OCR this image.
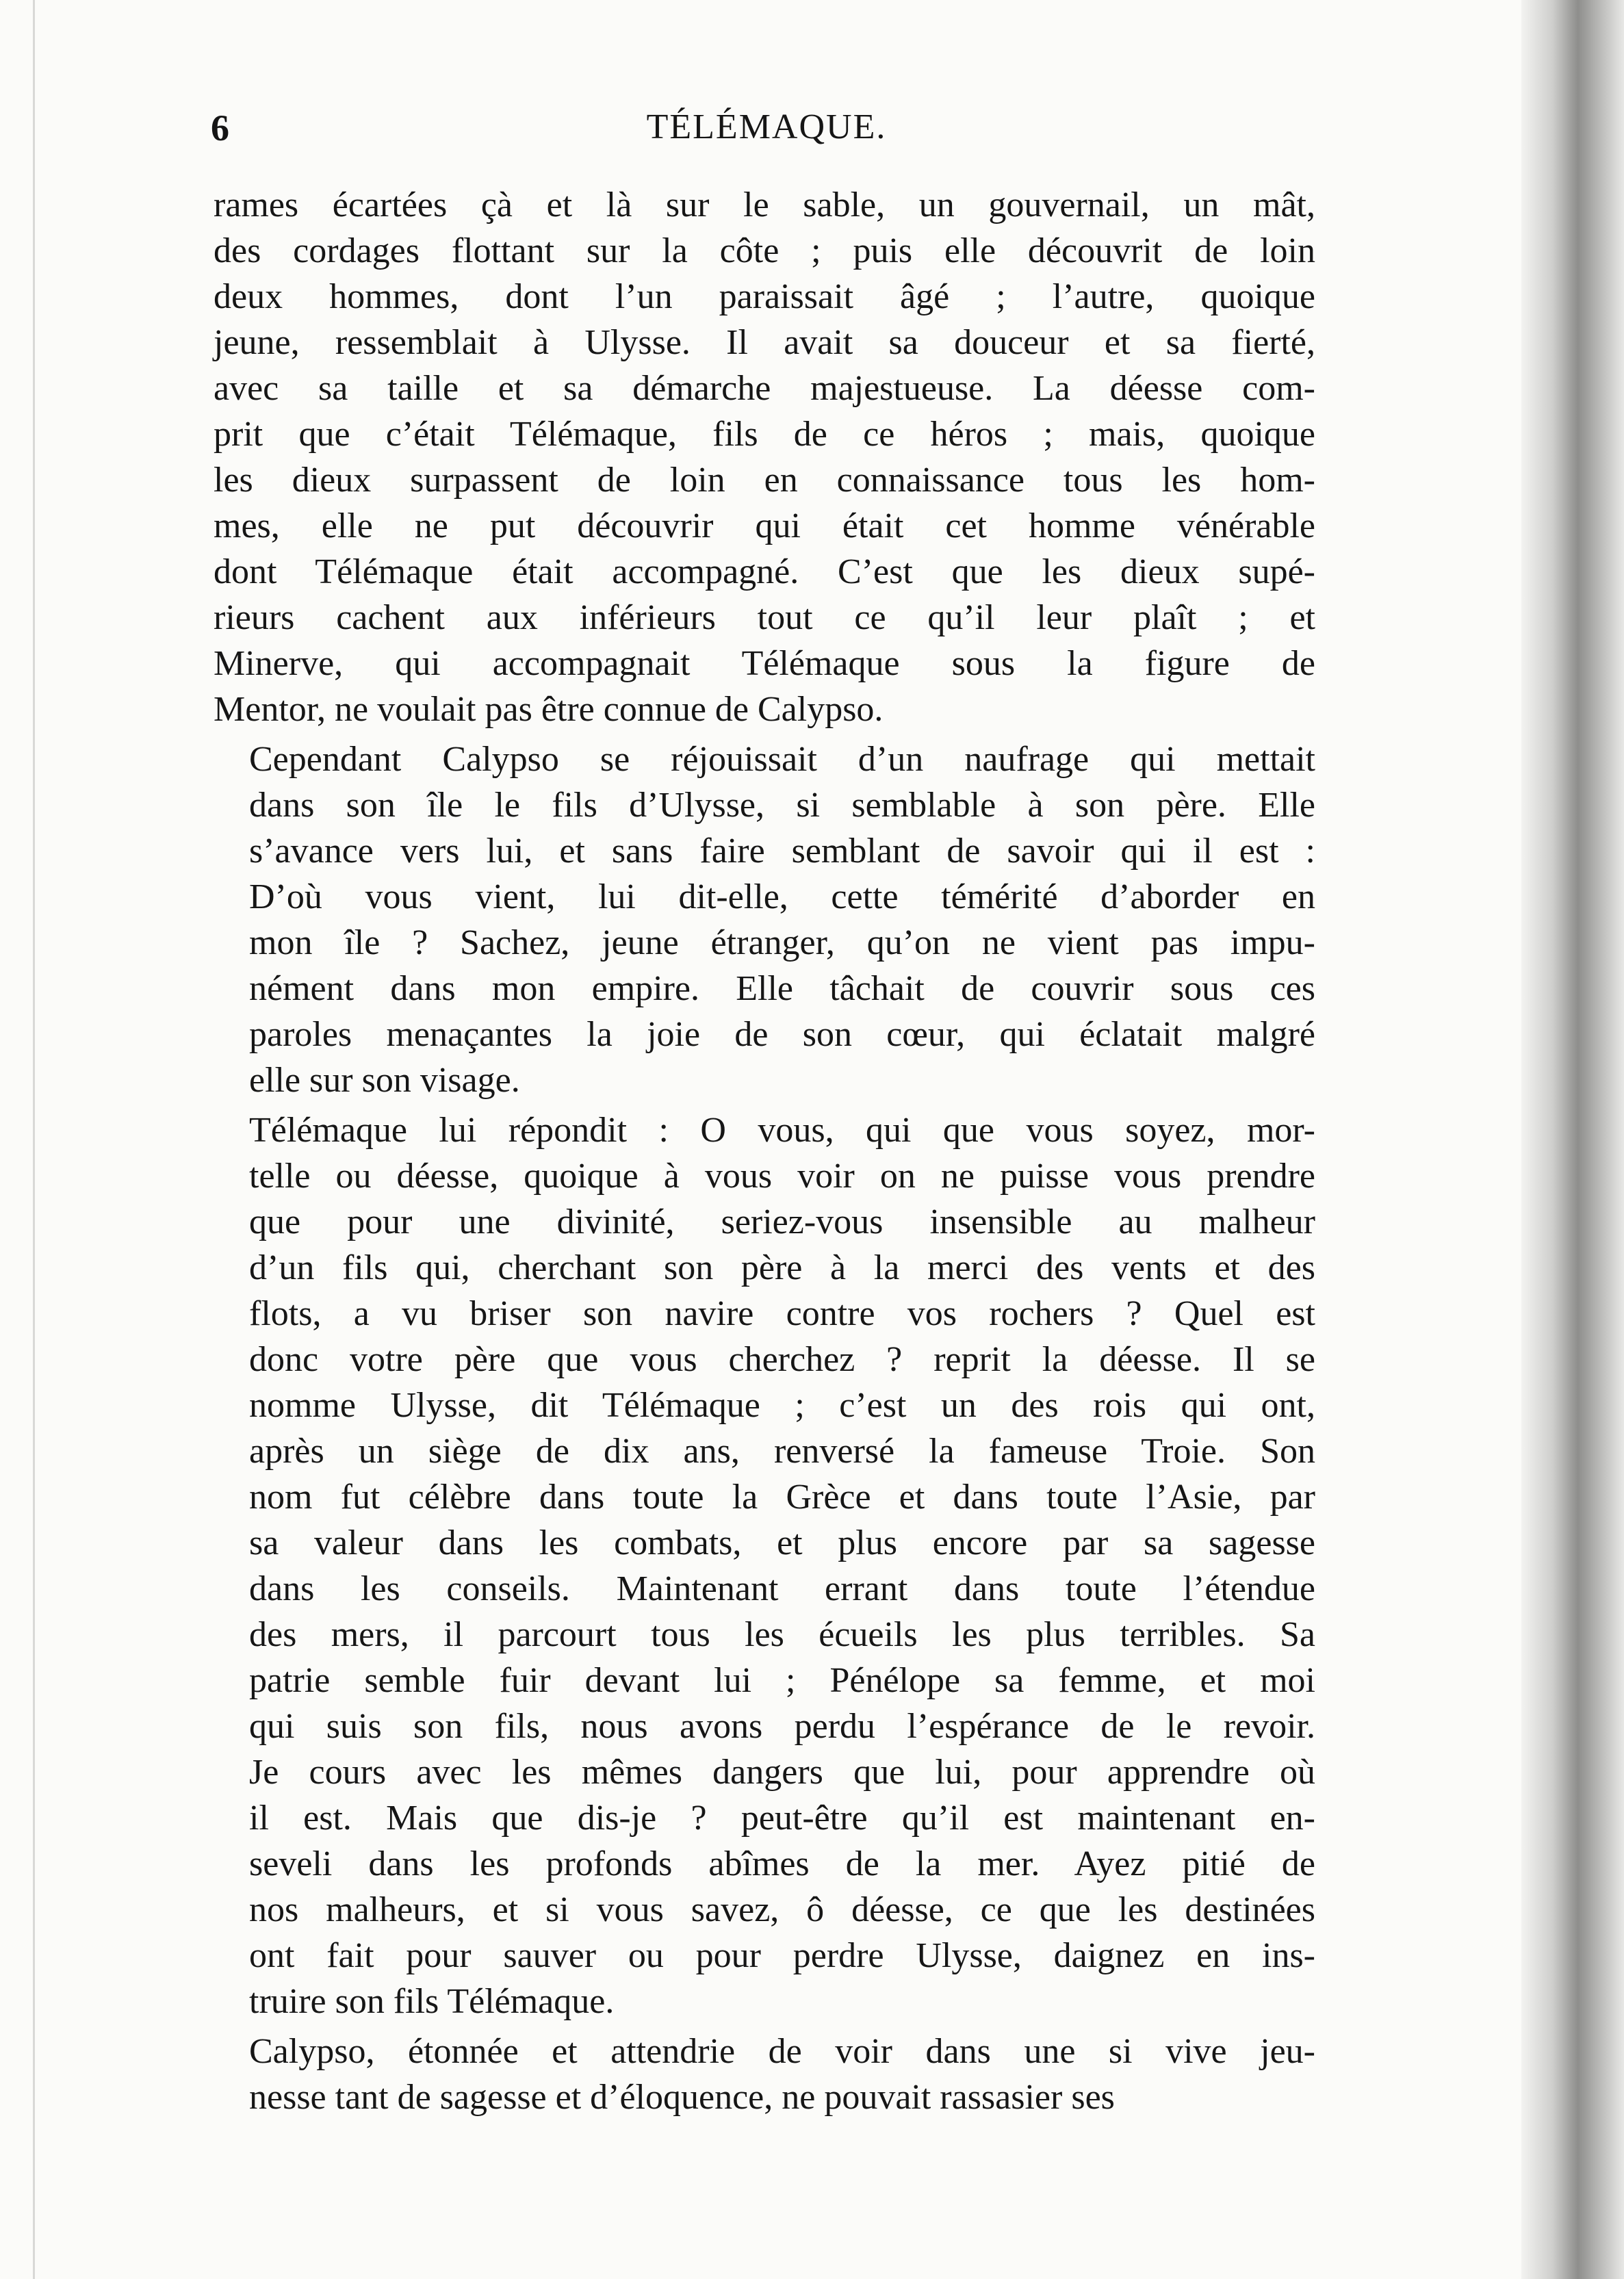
6	TÉLÉMAQUE.

rames écartées çà et là sur le sable, un gouvernail, un mât,
des cordages flottant sur la côte ; puis elle découvrit de loin
deux hommes, dont l’un paraissait âgé ; l’autre, quoique
jeune, ressemblait à Ulysse. Il avait sa douceur et sa fierté,
avec sa taille et sa démarche majestueuse. La déesse com-
prit que c’était Télémaque, fils de ce héros ; mais, quoique
les dieux surpassent de loin en connaissance tous les hom-
mes, elle ne put découvrir qui était cet homme vénérable
dont Télémaque était accompagné. C’est que les dieux supé-
rieurs cachent aux inférieurs tout ce qu’il leur plaît ; et
Minerve, qui accompagnait Télémaque sous la figure de
Mentor, ne voulait pas être connue de Calypso.

Cependant Calypso se réjouissait d’un naufrage qui mettait
dans son île le fils d’Ulysse, si semblable à son père. Elle
s’avance vers lui, et sans faire semblant de savoir qui il est :
D’où vous vient, lui dit-elle, cette témérité d’aborder en
mon île ? Sachez, jeune étranger, qu’on ne vient pas impu-
nément dans mon empire. Elle tâchait de couvrir sous ces
paroles menaçantes la joie de son cœur, qui éclatait malgré
elle sur son visage.

Télémaque lui répondit : O vous, qui que vous soyez, mor-
telle ou déesse, quoique à vous voir on ne puisse vous prendre
que pour une divinité, seriez-vous insensible au malheur
d’un fils qui, cherchant son père à la merci des vents et des
flots, a vu briser son navire contre vos rochers ? Quel est
donc votre père que vous cherchez ? reprit la déesse. Il se
nomme Ulysse, dit Télémaque ; c’est un des rois qui ont,
après un siège de dix ans, renversé la fameuse Troie. Son
nom fut célèbre dans toute la Grèce et dans toute l’Asie, par
sa valeur dans les combats, et plus encore par sa sagesse
dans les conseils. Maintenant errant dans toute l’étendue
des mers, il parcourt tous les écueils les plus terribles. Sa
patrie semble fuir devant lui ; Pénélope sa femme, et moi
qui suis son fils, nous avons perdu l’espérance de le revoir.
Je cours avec les mêmes dangers que lui, pour apprendre où
il est. Mais que dis-je ? peut-être qu’il est maintenant en-
seveli dans les profonds abîmes de la mer. Ayez pitié de
nos malheurs, et si vous savez, ô déesse, ce que les destinées
ont fait pour sauver ou pour perdre Ulysse, daignez en ins-
truire son fils Télémaque.

Calypso, étonnée et attendrie de voir dans une si vive jeu-
nesse tant de sagesse et d’éloquence, ne pouvait rassasier ses
